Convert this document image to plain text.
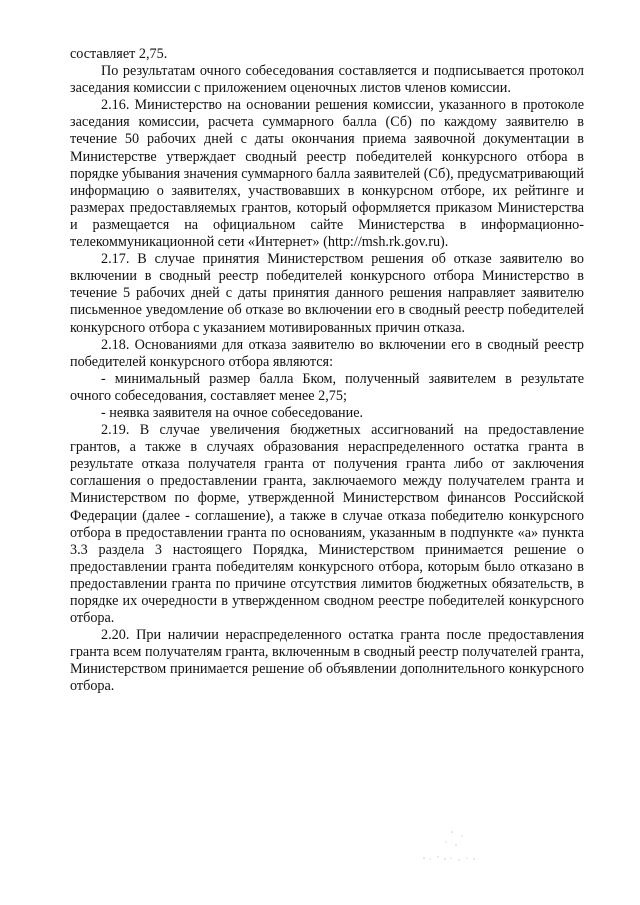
составляет 2,75.

По результатам очного собеседования составляется и подписывается протокол заседания комиссии с приложением оценочных листов членов комиссии.

2.16. Министерство на основании решения комиссии, указанного в протоколе заседания комиссии, расчета суммарного балла (Сб) по каждому заявителю в течение 50 рабочих дней с даты окончания приема заявочной документации в Министерстве утверждает сводный реестр победителей конкурсного отбора в порядке убывания значения суммарного балла заявителей (Сб), предусматривающий информацию о заявителях, участвовавших в конкурсном отборе, их рейтинге и размерах предоставляемых грантов, который оформляется приказом Министерства и размещается на официальном сайте Министерства в информационно-телекоммуникационной сети «Интернет» (http://msh.rk.gov.ru).

2.17. В случае принятия Министерством решения об отказе заявителю во включении в сводный реестр победителей конкурсного отбора Министерство в течение 5 рабочих дней с даты принятия данного решения направляет заявителю письменное уведомление об отказе во включении его в сводный реестр победителей конкурсного отбора с указанием мотивированных причин отказа.

2.18. Основаниями для отказа заявителю во включении его в сводный реестр победителей конкурсного отбора являются:

- минимальный размер балла Бком, полученный заявителем в результате очного собеседования, составляет менее 2,75;

- неявка заявителя на очное собеседование.

2.19. В случае увеличения бюджетных ассигнований на предоставление грантов, а также в случаях образования нераспределенного остатка гранта в результате отказа получателя гранта от получения гранта либо от заключения соглашения о предоставлении гранта, заключаемого между получателем гранта и Министерством по форме, утвержденной Министерством финансов Российской Федерации (далее - соглашение), а также в случае отказа победителю конкурсного отбора в предоставлении гранта по основаниям, указанным в подпункте «а» пункта 3.3 раздела 3 настоящего Порядка, Министерством принимается решение о предоставлении гранта победителям конкурсного отбора, которым было отказано в предоставлении гранта по причине отсутствия лимитов бюджетных обязательств, в порядке их очередности в утвержденном сводном реестре победителей конкурсного отбора.

2.20. При наличии нераспределенного остатка гранта после предоставления гранта всем получателям гранта, включенным в сводный реестр получателей гранта, Министерством принимается решение об объявлении дополнительного конкурсного отбора.
